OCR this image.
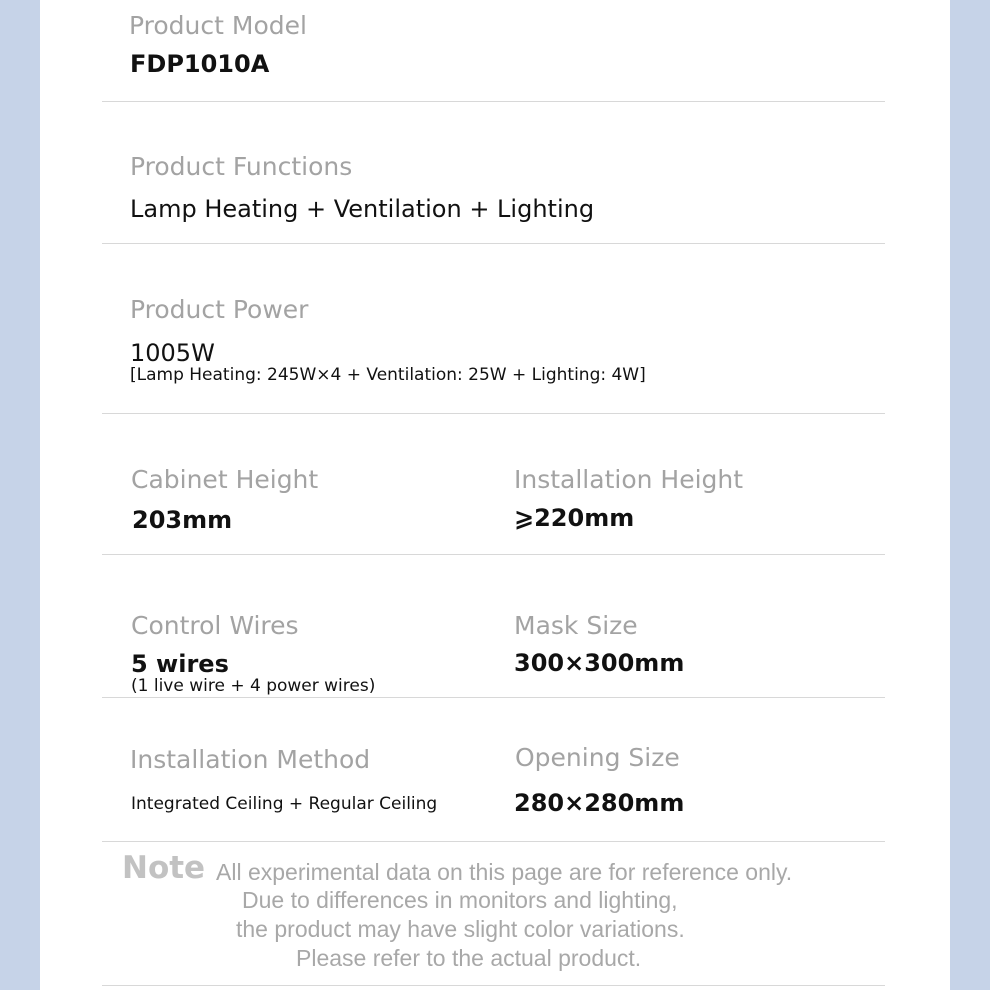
Product Model
FDP1010A
Product Functions
Lamp Heating + Ventilation + Lighting
Product Power
1005W
[Lamp Heating: 245W×4 + Ventilation: 25W + Lighting: 4W]
Cabinet Height
203mm
Installation Height
⩾220mm
Control Wires
5 wires
(1 live wire + 4 power wires)
Mask Size
300×300mm
Installation Method
Integrated Ceiling + Regular Ceiling
Opening Size
280×280mm
Note All experimental data on this page are for reference only.
Due to differences in monitors and lighting,
the product may have slight color variations.
Please refer to the actual product.
